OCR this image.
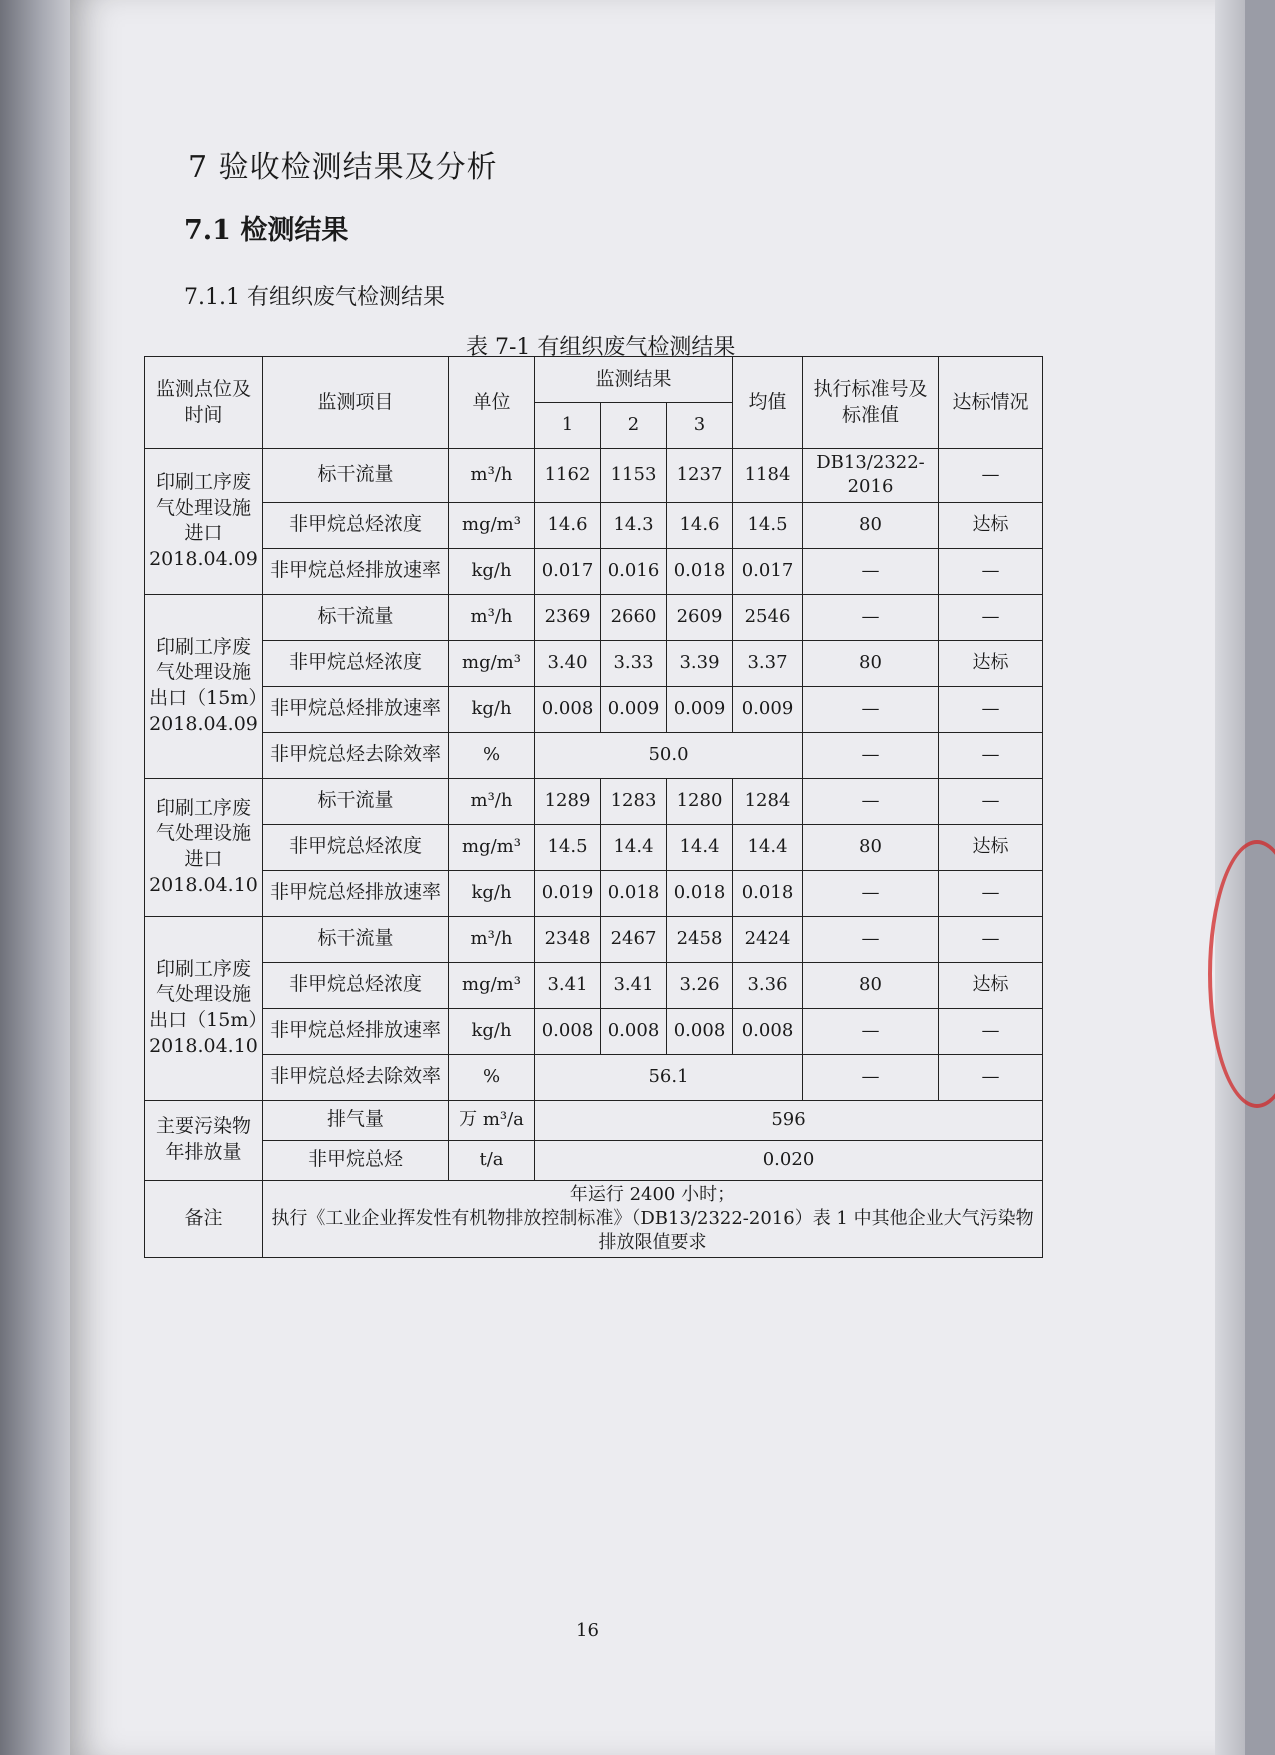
7 验收检测结果及分析
7.1 检测结果
7.1.1 有组织废气检测结果
表 7-1 有组织废气检测结果
监测点位及时间	监测项目	单位	监测结果			均值	执行标准号及标准值	达标情况
			1	2	3			
印刷工序废气处理设施进口2018.04.09	标干流量	m³/h	1162	1153	1237	1184	DB13/2322-2016	—
	非甲烷总烃浓度	mg/m³	14.6	14.3	14.6	14.5	80	达标
	非甲烷总烃排放速率	kg/h	0.017	0.016	0.018	0.017	—	—
印刷工序废气处理设施出口（15m）2018.04.09	标干流量	m³/h	2369	2660	2609	2546	—	—
	非甲烷总烃浓度	mg/m³	3.40	3.33	3.39	3.37	80	达标
	非甲烷总烃排放速率	kg/h	0.008	0.009	0.009	0.009	—	—
	非甲烷总烃去除效率	%	50.0				—	—
印刷工序废气处理设施进口2018.04.10	标干流量	m³/h	1289	1283	1280	1284	—	—
	非甲烷总烃浓度	mg/m³	14.5	14.4	14.4	14.4	80	达标
	非甲烷总烃排放速率	kg/h	0.019	0.018	0.018	0.018	—	—
印刷工序废气处理设施出口（15m）2018.04.10	标干流量	m³/h	2348	2467	2458	2424	—	—
	非甲烷总烃浓度	mg/m³	3.41	3.41	3.26	3.36	80	达标
	非甲烷总烃排放速率	kg/h	0.008	0.008	0.008	0.008	—	—
	非甲烷总烃去除效率	%	56.1				—	—
主要污染物年排放量	排气量	万 m³/a	596					
	非甲烷总烃	t/a	0.020					
备注	年运行 2400 小时；
执行《工业企业挥发性有机物排放控制标准》（DB13/2322-2016）表 1 中其他企业大气污染物排放限值要求							
16
